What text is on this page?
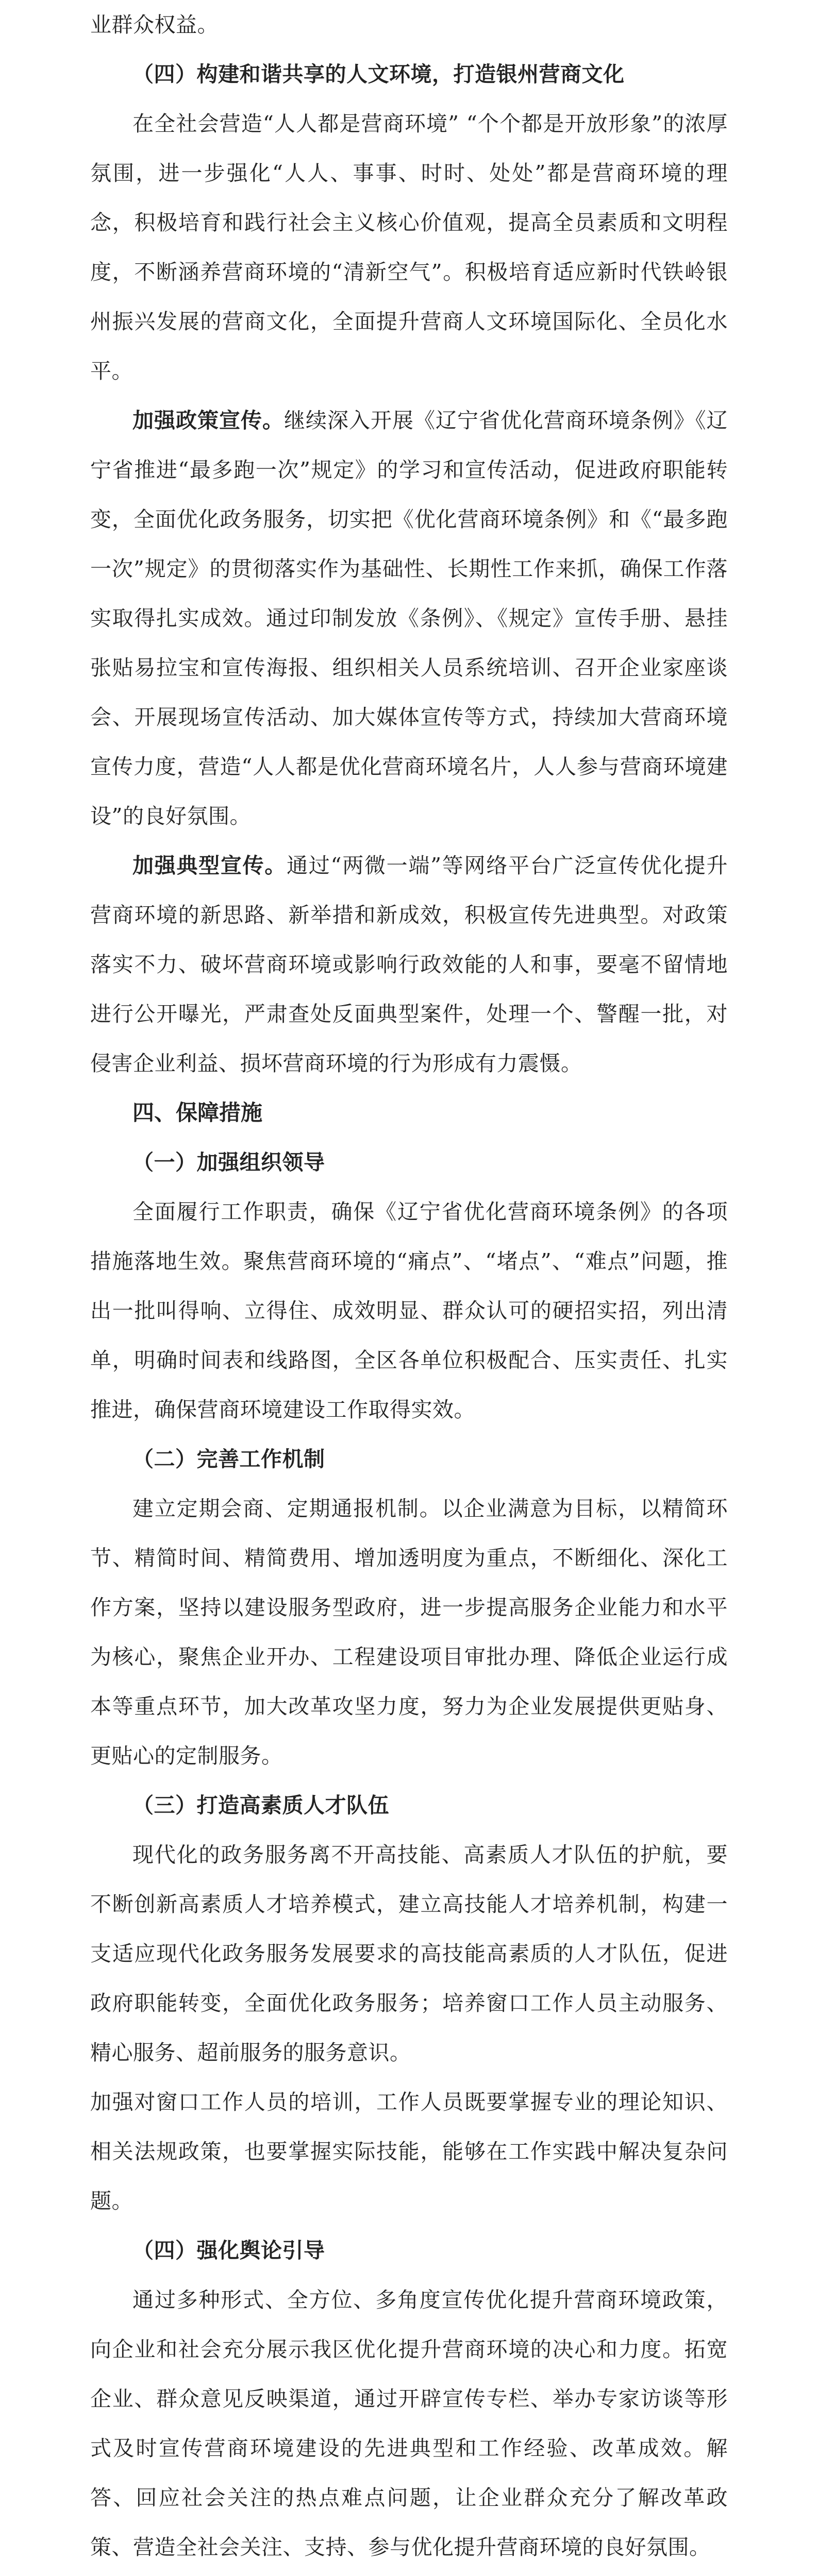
业群众权益。

（四）构建和谐共享的人文环境，打造银州营商文化

在全社会营造“人人都是营商环境” “个个都是开放形象”的浓厚氛围，进一步强化“人人、事事、时时、处处”都是营商环境的理念，积极培育和践行社会主义核心价值观，提高全员素质和文明程度，不断涵养营商环境的“清新空气”。积极培育适应新时代铁岭银州振兴发展的营商文化，全面提升营商人文环境国际化、全员化水平。

加强政策宣传。继续深入开展《辽宁省优化营商环境条例》《辽宁省推进“最多跑一次”规定》的学习和宣传活动，促进政府职能转变，全面优化政务服务，切实把《优化营商环境条例》和《“最多跑一次”规定》的贯彻落实作为基础性、长期性工作来抓，确保工作落实取得扎实成效。通过印制发放《条例》、《规定》宣传手册、悬挂张贴易拉宝和宣传海报、组织相关人员系统培训、召开企业家座谈会、开展现场宣传活动、加大媒体宣传等方式，持续加大营商环境宣传力度，营造“人人都是优化营商环境名片，人人参与营商环境建设”的良好氛围。

加强典型宣传。通过“两微一端”等网络平台广泛宣传优化提升营商环境的新思路、新举措和新成效，积极宣传先进典型。对政策落实不力、破坏营商环境或影响行政效能的人和事，要毫不留情地进行公开曝光，严肃查处反面典型案件，处理一个、警醒一批，对侵害企业利益、损坏营商环境的行为形成有力震慑。

四、保障措施

（一）加强组织领导

全面履行工作职责，确保《辽宁省优化营商环境条例》的各项措施落地生效。聚焦营商环境的“痛点”、“堵点”、“难点”问题，推出一批叫得响、立得住、成效明显、群众认可的硬招实招，列出清单，明确时间表和线路图，全区各单位积极配合、压实责任、扎实推进，确保营商环境建设工作取得实效。

（二）完善工作机制

建立定期会商、定期通报机制。以企业满意为目标，以精简环节、精简时间、精简费用、增加透明度为重点，不断细化、深化工作方案，坚持以建设服务型政府，进一步提高服务企业能力和水平为核心，聚焦企业开办、工程建设项目审批办理、降低企业运行成本等重点环节，加大改革攻坚力度，努力为企业发展提供更贴身、更贴心的定制服务。

（三）打造高素质人才队伍

现代化的政务服务离不开高技能、高素质人才队伍的护航，要不断创新高素质人才培养模式，建立高技能人才培养机制，构建一支适应现代化政务服务发展要求的高技能高素质的人才队伍，促进政府职能转变，全面优化政务服务；培养窗口工作人员主动服务、精心服务、超前服务的服务意识。

加强对窗口工作人员的培训，工作人员既要掌握专业的理论知识、相关法规政策，也要掌握实际技能，能够在工作实践中解决复杂问题。

（四）强化舆论引导

通过多种形式、全方位、多角度宣传优化提升营商环境政策，向企业和社会充分展示我区优化提升营商环境的决心和力度。拓宽企业、群众意见反映渠道，通过开辟宣传专栏、举办专家访谈等形式及时宣传营商环境建设的先进典型和工作经验、改革成效。解答、回应社会关注的热点难点问题，让企业群众充分了解改革政策、营造全社会关注、支持、参与优化提升营商环境的良好氛围。
